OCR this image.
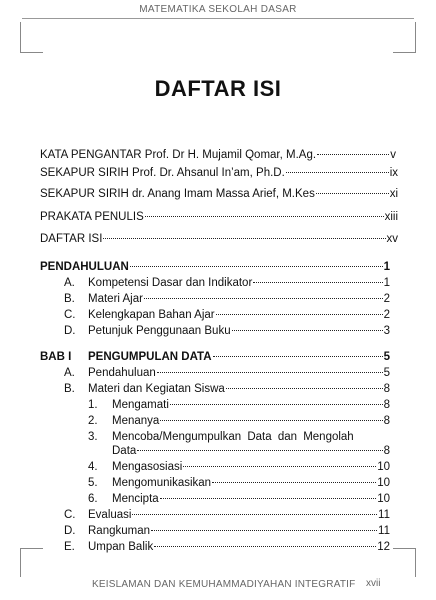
MATEMATIKA SEKOLAH DASAR
DAFTAR ISI
KATA PENGANTAR Prof. Dr H. Mujamil Qomar, M.Ag.	v
SEKAPUR SIRIH Prof. Dr. Ahsanul In’am, Ph.D.	ix
SEKAPUR SIRIH dr. Anang Imam Massa Arief, M.Kes	xi
PRAKATA PENULIS	xiii
DAFTAR ISI	xv
PENDAHULUAN	1
A.	Kompetensi Dasar dan Indikator	1
B.	Materi Ajar	2
C.	Kelengkapan Bahan Ajar	2
D.	Petunjuk Penggunaan Buku	3
BAB I	PENGUMPULAN DATA	5
A.	Pendahuluan	5
B.	Materi dan Kegiatan Siswa	8
1.	Mengamati	8
2.	Menanya	8
3.	Mencoba/Mengumpulkan Data dan Mengolah
Data	8
4.	Mengasosiasi	10
5.	Mengomunikasikan	10
6.	Mencipta	10
C.	Evaluasi	11
D.	Rangkuman	11
E.	Umpan Balik	12
KEISLAMAN DAN KEMUHAMMADIYAHAN INTEGRATIF xvii
